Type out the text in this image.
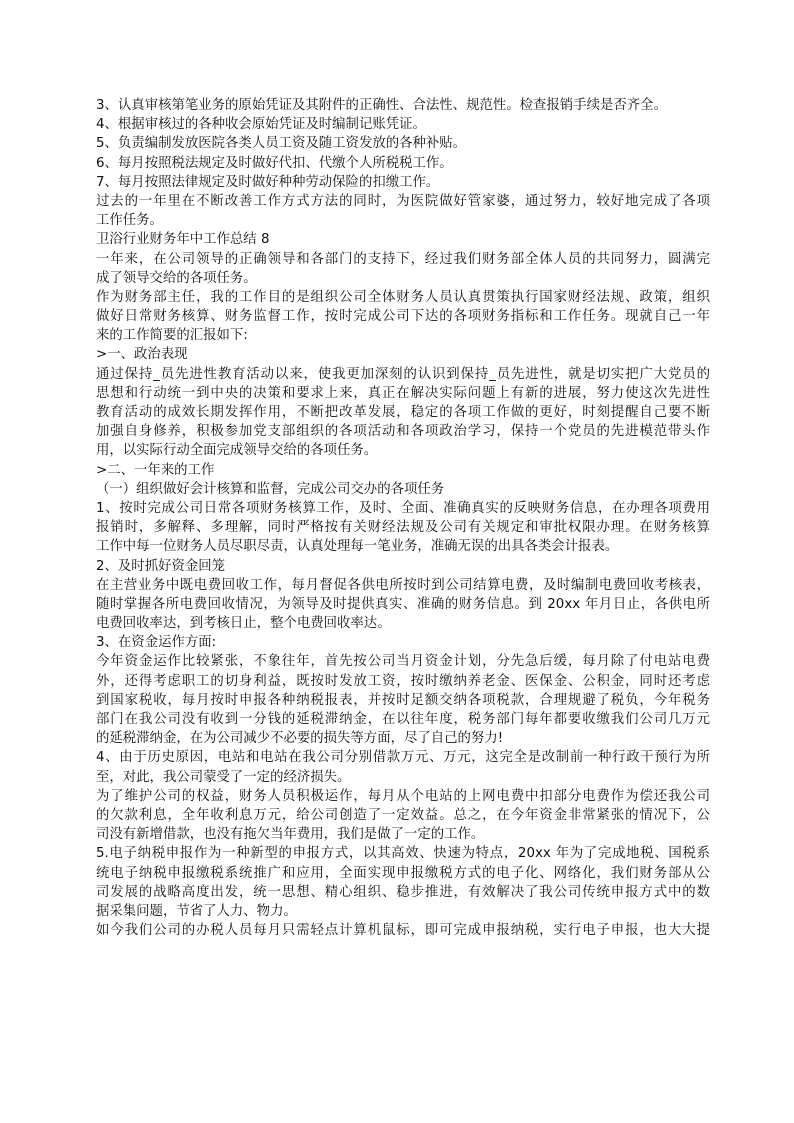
3、认真审核第笔业务的原始凭证及其附件的正确性、合法性、规范性。检查报销手续是否齐全。
4、根据审核过的各种收会原始凭证及时编制记账凭证。
5、负责编制发放医院各类人员工资及随工资发放的各种补贴。
6、每月按照税法规定及时做好代扣、代缴个人所税税工作。
7、每月按照法律规定及时做好种种劳动保险的扣缴工作。
过去的一年里在不断改善工作方式方法的同时，为医院做好管家婆，通过努力，较好地完成了各项
工作任务。
卫浴行业财务年中工作总结 8
一年来，在公司领导的正确领导和各部门的支持下，经过我们财务部全体人员的共同努力，圆满完
成了领导交给的各项任务。
作为财务部主任，我的工作目的是组织公司全体财务人员认真贯策执行国家财经法规、政策，组织
做好日常财务核算、财务监督工作，按时完成公司下达的各项财务指标和工作任务。现就自己一年
来的工作简要的汇报如下:
>一、政治表现
通过保持_员先进性教育活动以来，使我更加深刻的认识到保持_员先进性，就是切实把广大党员的
思想和行动统一到中央的决策和要求上来，真正在解决实际问题上有新的进展，努力使这次先进性
教育活动的成效长期发挥作用，不断把改革发展，稳定的各项工作做的更好，时刻提醒自己要不断
加强自身修养，积极参加党支部组织的各项活动和各项政治学习，保持一个党员的先进模范带头作
用，以实际行动全面完成领导交给的各项任务。
>二、一年来的工作
（一）组织做好会计核算和监督，完成公司交办的各项任务
1、按时完成公司日常各项财务核算工作，及时、全面、准确真实的反映财务信息，在办理各项费用
报销时，多解释、多理解，同时严格按有关财经法规及公司有关规定和审批权限办理。在财务核算
工作中每一位财务人员尽职尽责，认真处理每一笔业务，准确无误的出具各类会计报表。
2、及时抓好资金回笼
在主营业务中既电费回收工作，每月督促各供电所按时到公司结算电费，及时编制电费回收考核表，
随时掌握各所电费回收情况，为领导及时提供真实、准确的财务信息。到 20xx 年月日止，各供电所
电费回收率达，到考核日止，整个电费回收率达。
3、在资金运作方面:
今年资金运作比较紧张，不象往年，首先按公司当月资金计划，分先急后缓，每月除了付电站电费
外，还得考虑职工的切身利益，既按时发放工资，按时缴纳养老金、医保金、公积金，同时还考虑
到国家税收，每月按时申报各种纳税报表，并按时足额交纳各项税款，合理规避了税负，今年税务
部门在我公司没有收到一分钱的延税滞纳金，在以往年度，税务部门每年都要收缴我们公司几万元
的延税滞纳金，在为公司减少不必要的损失等方面，尽了自己的努力!
4、由于历史原因，电站和电站在我公司分别借款万元、万元，这完全是改制前一种行政干预行为所
至，对此，我公司蒙受了一定的经济损失。
为了维护公司的权益，财务人员积极运作，每月从个电站的上网电费中扣部分电费作为偿还我公司
的欠款利息，全年收利息万元，给公司创造了一定效益。总之，在今年资金非常紧张的情况下，公
司没有新增借款，也没有拖欠当年费用，我们是做了一定的工作。
5.电子纳税申报作为一种新型的申报方式，以其高效、快速为特点，20xx 年为了完成地税、国税系
统电子纳税申报缴税系统推广和应用，全面实现申报缴税方式的电子化、网络化，我们财务部从公
司发展的战略高度出发，统一思想、精心组织、稳步推进，有效解决了我公司传统申报方式中的数
据采集问题，节省了人力、物力。
如今我们公司的办税人员每月只需轻点计算机鼠标，即可完成申报纳税，实行电子申报，也大大提
